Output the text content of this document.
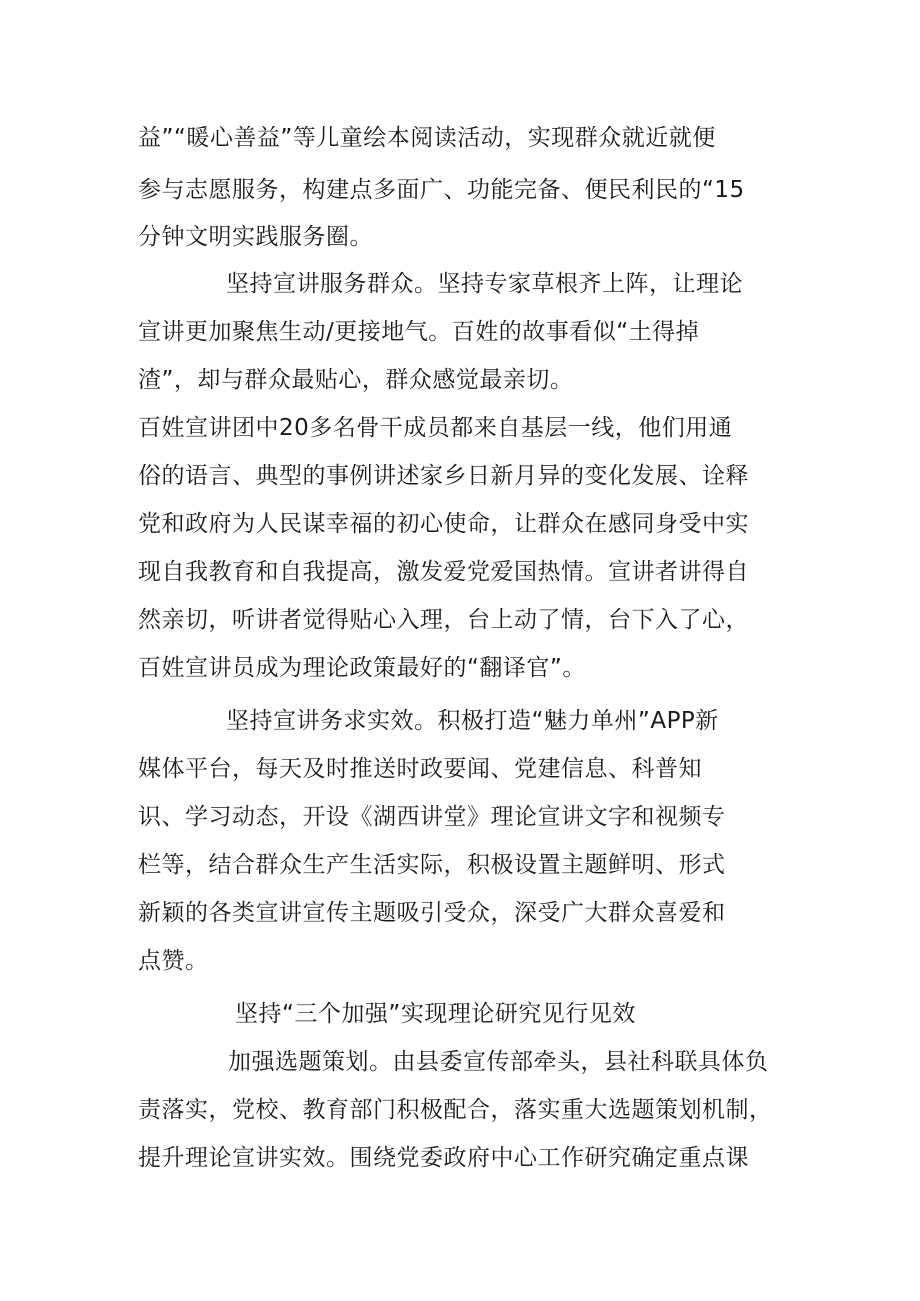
益”“暖心善益”等儿童绘本阅读活动，实现群众就近就便
参与志愿服务，构建点多面广、功能完备、便民利民的“15
分钟文明实践服务圈。
坚持宣讲服务群众。坚持专家草根齐上阵，让理论
宣讲更加聚焦生动/更接地气。百姓的故事看似“土得掉
渣”，却与群众最贴心，群众感觉最亲切。
百姓宣讲团中20多名骨干成员都来自基层一线，他们用通
俗的语言、典型的事例讲述家乡日新月异的变化发展、诠释
党和政府为人民谋幸福的初心使命，让群众在感同身受中实
现自我教育和自我提高，激发爱党爱国热情。宣讲者讲得自
然亲切，听讲者觉得贴心入理，台上动了情，台下入了心，
百姓宣讲员成为理论政策最好的“翻译官”。
坚持宣讲务求实效。积极打造“魅力单州”APP新
媒体平台，每天及时推送时政要闻、党建信息、科普知
识、学习动态，开设《湖西讲堂》理论宣讲文字和视频专
栏等，结合群众生产生活实际，积极设置主题鲜明、形式
新颖的各类宣讲宣传主题吸引受众，深受广大群众喜爱和
点赞。
坚持“三个加强”实现理论研究见行见效
加强选题策划。由县委宣传部牵头，县社科联具体负
责落实，党校、教育部门积极配合，落实重大选题策划机制，
提升理论宣讲实效。围绕党委政府中心工作研究确定重点课
